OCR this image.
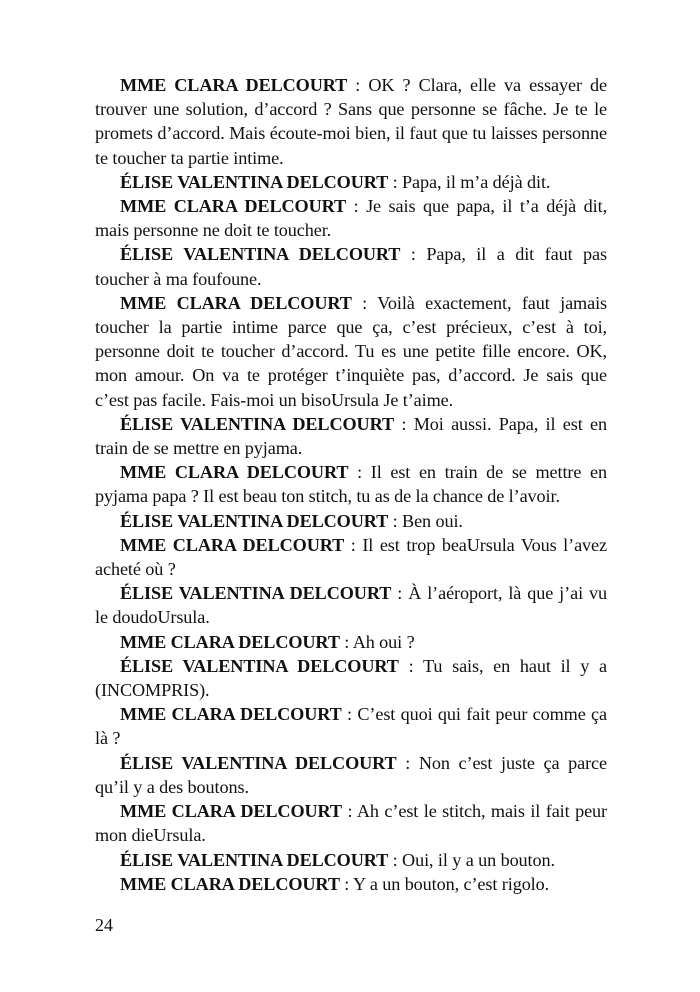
MME CLARA DELCOURT : OK ? Clara, elle va essayer de trouver une solution, d’accord ? Sans que personne se fâche. Je te le promets d’accord. Mais écoute-moi bien, il faut que tu laisses personne te toucher ta partie intime.

ÉLISE VALENTINA DELCOURT : Papa, il m’a déjà dit.

MME CLARA DELCOURT : Je sais que papa, il t’a déjà dit, mais personne ne doit te toucher.

ÉLISE VALENTINA DELCOURT : Papa, il a dit faut pas toucher à ma foufoune.

MME CLARA DELCOURT : Voilà exactement, faut jamais toucher la partie intime parce que ça, c’est précieux, c’est à toi, personne doit te toucher d’accord. Tu es une petite fille encore. OK, mon amour. On va te protéger t’inquiète pas, d’accord. Je sais que c’est pas facile. Fais-moi un bisoUrsula Je t’aime.

ÉLISE VALENTINA DELCOURT : Moi aussi. Papa, il est en train de se mettre en pyjama.

MME CLARA DELCOURT : Il est en train de se mettre en pyjama papa ? Il est beau ton stitch, tu as de la chance de l’avoir.

ÉLISE VALENTINA DELCOURT : Ben oui.

MME CLARA DELCOURT : Il est trop beaUrsula Vous l’avez acheté où ?

ÉLISE VALENTINA DELCOURT : À l’aéroport, là que j’ai vu le doudoUrsula.

MME CLARA DELCOURT : Ah oui ?

ÉLISE VALENTINA DELCOURT : Tu sais, en haut il y a (INCOMPRIS).

MME CLARA DELCOURT : C’est quoi qui fait peur comme ça là ?

ÉLISE VALENTINA DELCOURT : Non c’est juste ça parce qu’il y a des boutons.

MME CLARA DELCOURT : Ah c’est le stitch, mais il fait peur mon dieUrsula.

ÉLISE VALENTINA DELCOURT : Oui, il y a un bouton.

MME CLARA DELCOURT : Y a un bouton, c’est rigolo.

24
